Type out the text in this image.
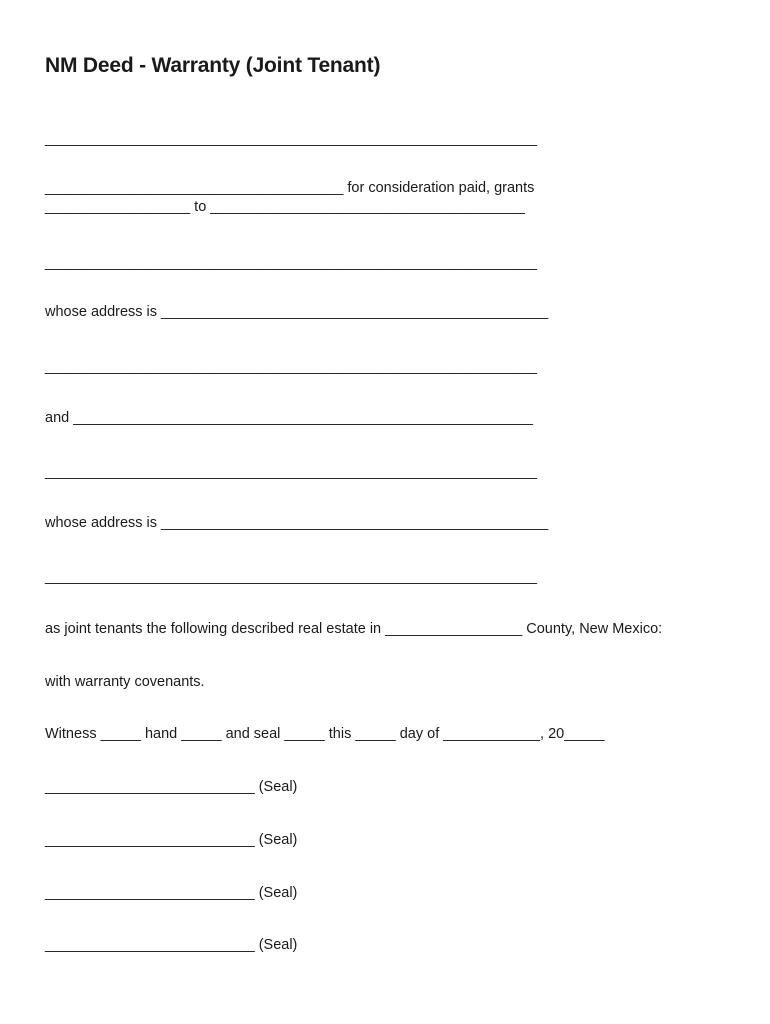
NM Deed - Warranty (Joint Tenant)
_____________________________________________________________
_____________________________________ for consideration paid, grants
__________________ to _______________________________________
_____________________________________________________________
whose address is ________________________________________________
_____________________________________________________________
and _________________________________________________________
_____________________________________________________________
whose address is ________________________________________________
_____________________________________________________________
as joint tenants the following described real estate in _________________ County, New Mexico:
with warranty covenants.
Witness _____ hand _____ and seal _____ this _____ day of ____________, 20_____
__________________________ (Seal)
__________________________ (Seal)
__________________________ (Seal)
__________________________ (Seal)
